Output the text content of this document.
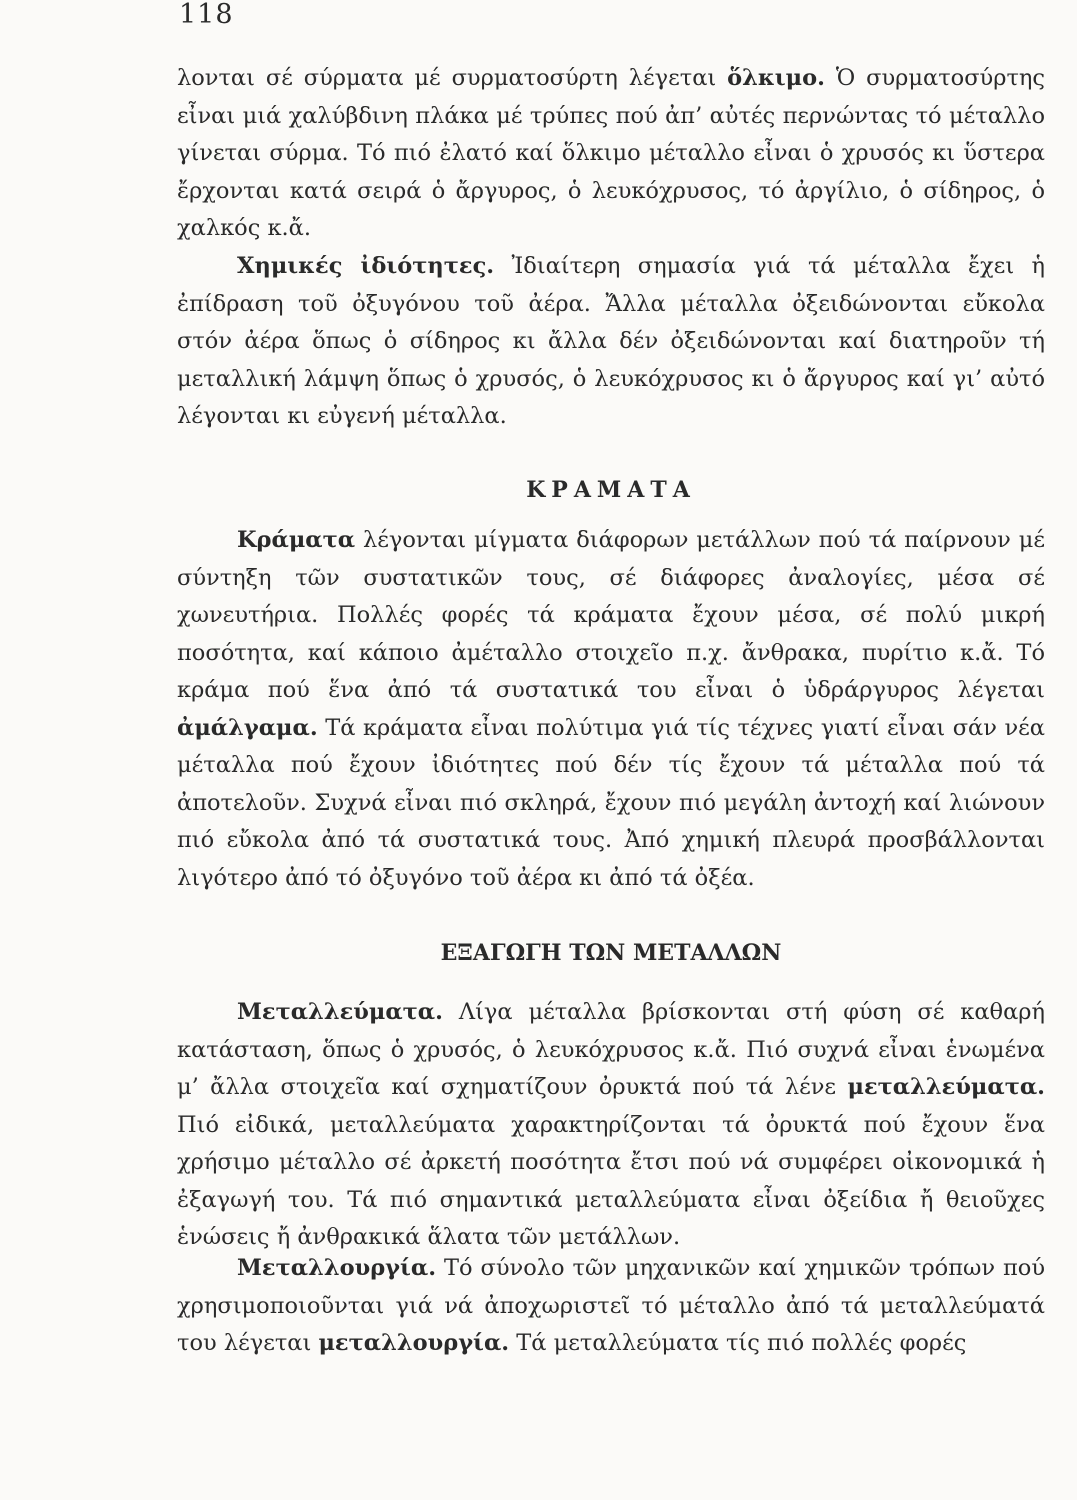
118

λονται σέ σύρματα μέ συρματοσύρτη λέγεται ὅλκιμο. Ὁ συρματοσύρτης εἶναι μιά χαλύβδινη πλάκα μέ τρύπες πού ἀπ’ αὐτές περνώντας τό μέταλλο γίνεται σύρμα. Τό πιό ἐλατό καί ὅλκιμο μέταλλο εἶναι ὁ χρυσός κι ὕστερα ἔρχονται κατά σειρά ὁ ἄργυρος, ὁ λευκόχρυσος, τό ἀργίλιο, ὁ σίδηρος, ὁ χαλκός κ.ἄ.

Χημικές ἰδιότητες. Ἰδιαίτερη σημασία γιά τά μέταλλα ἔχει ἡ ἐπίδραση τοῦ ὀξυγόνου τοῦ ἀέρα. Ἄλλα μέταλλα ὀξειδώνονται εὔκολα στόν ἀέρα ὅπως ὁ σίδηρος κι ἄλλα δέν ὀξειδώνονται καί διατηροῦν τή μεταλλική λάμψη ὅπως ὁ χρυσός, ὁ λευκόχρυσος κι ὁ ἄργυρος καί γι’ αὐτό λέγονται κι εὐγενή μέταλλα.

ΚΡΑΜΑΤΑ

Κράματα λέγονται μίγματα διάφορων μετάλλων πού τά παίρνουν μέ σύντηξη τῶν συστατικῶν τους, σέ διάφορες ἀναλογίες, μέσα σέ χωνευτήρια. Πολλές φορές τά κράματα ἔχουν μέσα, σέ πολύ μικρή ποσότητα, καί κάποιο ἀμέταλλο στοιχεῖο π.χ. ἄνθρακα, πυρίτιο κ.ἄ. Τό κράμα πού ἕνα ἀπό τά συστατικά του εἶναι ὁ ὑδράργυρος λέγεται ἀμάλγαμα. Τά κράματα εἶναι πολύτιμα γιά τίς τέχνες γιατί εἶναι σάν νέα μέταλλα πού ἔχουν ἰδιότητες πού δέν τίς ἔχουν τά μέταλλα πού τά ἀποτελοῦν. Συχνά εἶναι πιό σκληρά, ἔχουν πιό μεγάλη ἀντοχή καί λιώνουν πιό εὔκολα ἀπό τά συστατικά τους. Ἀπό χημική πλευρά προσβάλλονται λιγότερο ἀπό τό ὀξυγόνο τοῦ ἀέρα κι ἀπό τά ὀξέα.

ΕΞΑΓΩΓΗ ΤΩΝ ΜΕΤΑΛΛΩΝ

Μεταλλεύματα. Λίγα μέταλλα βρίσκονται στή φύση σέ καθαρή κατάσταση, ὅπως ὁ χρυσός, ὁ λευκόχρυσος κ.ἄ. Πιό συχνά εἶναι ἑνωμένα μ’ ἄλλα στοιχεῖα καί σχηματίζουν ὀρυκτά πού τά λένε μεταλλεύματα. Πιό εἰδικά, μεταλλεύματα χαρακτηρίζονται τά ὀρυκτά πού ἔχουν ἕνα χρήσιμο μέταλλο σέ ἀρκετή ποσότητα ἔτσι πού νά συμφέρει οἰκονομικά ἡ ἐξαγωγή του. Τά πιό σημαντικά μεταλλεύματα εἶναι ὀξείδια ἤ θειοῦχες ἑνώσεις ἤ ἀνθρακικά ἅλατα τῶν μετάλλων.

Μεταλλουργία. Τό σύνολο τῶν μηχανικῶν καί χημικῶν τρόπων πού χρησιμοποιοῦνται γιά νά ἀποχωριστεῖ τό μέταλλο ἀπό τά μεταλλεύματά του λέγεται μεταλλουργία. Τά μεταλλεύματα τίς πιό πολλές φορές
